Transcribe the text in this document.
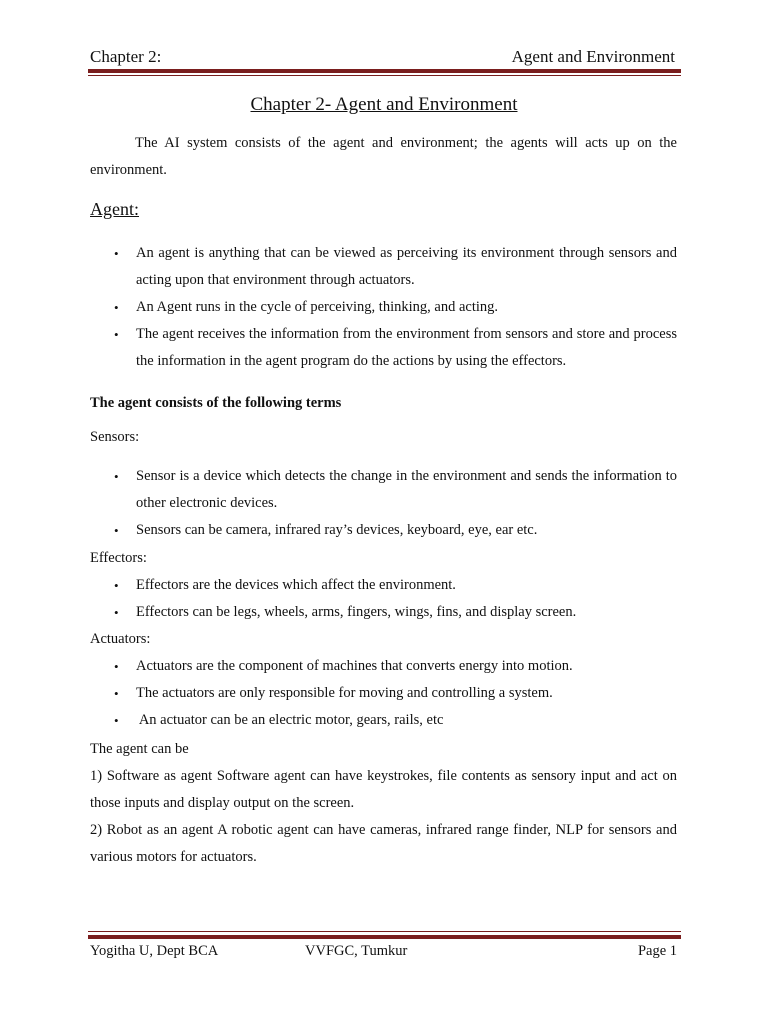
Chapter 2:	Agent and Environment
Chapter 2- Agent and Environment
The AI system consists of the agent and environment; the agents will acts up on the environment.
Agent:
• An agent is anything that can be viewed as perceiving its environment through sensors and acting upon that environment through actuators.
• An Agent runs in the cycle of perceiving, thinking, and acting.
• The agent receives the information from the environment from sensors and store and process the information in the agent program do the actions by using the effectors.
The agent consists of the following terms
Sensors:
• Sensor is a device which detects the change in the environment and sends the information to other electronic devices.
• Sensors can be camera, infrared ray’s devices, keyboard, eye, ear etc.
Effectors:
• Effectors are the devices which affect the environment.
• Effectors can be legs, wheels, arms, fingers, wings, fins, and display screen.
Actuators:
• Actuators are the component of machines that converts energy into motion.
• The actuators are only responsible for moving and controlling a system.
• An actuator can be an electric motor, gears, rails, etc
The agent can be
1) Software as agent Software agent can have keystrokes, file contents as sensory input and act on those inputs and display output on the screen.
2) Robot as an agent A robotic agent can have cameras, infrared range finder, NLP for sensors and various motors for actuators.
Yogitha U, Dept BCA	VVFGC, Tumkur	Page 1
